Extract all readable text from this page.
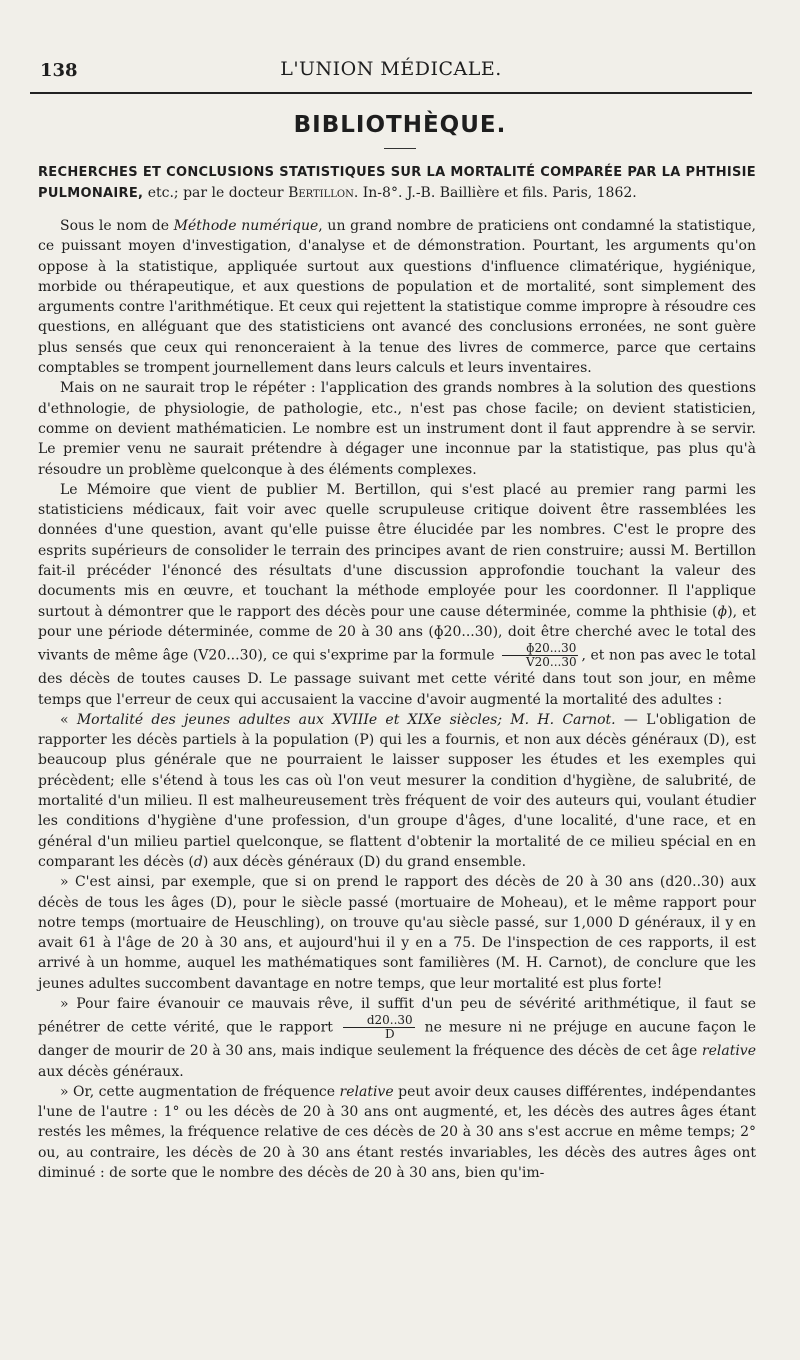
138	L'UNION MÉDICALE.
BIBLIOTHÈQUE.
RECHERCHES ET CONCLUSIONS STATISTIQUES SUR LA MORTALITÉ COMPARÉE PAR LA PHTHISIE PULMONAIRE, etc.; par le docteur Bertillon. In-8°. J.-B. Baillière et fils. Paris, 1862.

Sous le nom de Méthode numérique, un grand nombre de praticiens ont condamné la statistique, ce puissant moyen d'investigation, d'analyse et de démonstration. Pourtant, les arguments qu'on oppose à la statistique, appliquée surtout aux questions d'influence climatérique, hygiénique, morbide ou thérapeutique, et aux questions de population et de mortalité, sont simplement des arguments contre l'arithmétique. Et ceux qui rejettent la statistique comme impropre à résoudre ces questions, en alléguant que des statisticiens ont avancé des conclusions erronées, ne sont guère plus sensés que ceux qui renonceraient à la tenue des livres de commerce, parce que certains comptables se trompent journellement dans leurs calculs et leurs inventaires.

Mais on ne saurait trop le répéter : l'application des grands nombres à la solution des questions d'ethnologie, de physiologie, de pathologie, etc., n'est pas chose facile; on devient statisticien, comme on devient mathématicien. Le nombre est un instrument dont il faut apprendre à se servir. Le premier venu ne saurait prétendre à dégager une inconnue par la statistique, pas plus qu'à résoudre un problème quelconque à des éléments complexes.

Le Mémoire que vient de publier M. Bertillon, qui s'est placé au premier rang parmi les statisticiens médicaux, fait voir avec quelle scrupuleuse critique doivent être rassemblées les données d'une question, avant qu'elle puisse être élucidée par les nombres. C'est le propre des esprits supérieurs de consolider le terrain des principes avant de rien construire; aussi M. Bertillon fait-il précéder l'énoncé des résultats d'une discussion approfondie touchant la valeur des documents mis en œuvre, et touchant la méthode employée pour les coordonner. Il l'applique surtout à démontrer que le rapport des décès pour une cause déterminée, comme la phthisie (ɸ), et pour une période déterminée, comme de 20 à 30 ans (ɸ20...30), doit être cherché avec le total des vivants de même âge (V20...30), ce qui s'exprime par la formule $\frac{\text{ɸ20...30}}{V20...30}$ , et non pas avec le total des décès de toutes causes D. Le passage suivant met cette vérité dans tout son jour, en même temps que l'erreur de ceux qui accusaient la vaccine d'avoir augmenté la mortalité des adultes :

« Mortalité des jeunes adultes aux XVIIIe et XIXe siècles; M. H. Carnot. — L'obligation de rapporter les décès partiels à la population (P) qui les a fournis, et non aux décès généraux (D), est beaucoup plus générale que ne pourraient le laisser supposer les études et les exemples qui précèdent; elle s'étend à tous les cas où l'on veut mesurer la condition d'hygiène, de salubrité, de mortalité d'un milieu. Il est malheureusement très fréquent de voir des auteurs qui, voulant étudier les conditions d'hygiène d'une profession, d'un groupe d'âges, d'une localité, d'une race, et en général d'un milieu partiel quelconque, se flattent d'obtenir la mortalité de ce milieu spécial en en comparant les décès (d) aux décès généraux (D) du grand ensemble.

» C'est ainsi, par exemple, que si on prend le rapport des décès de 20 à 30 ans (d20..30) aux décès de tous les âges (D), pour le siècle passé (mortuaire de Moheau), et le même rapport pour notre temps (mortuaire de Heuschling), on trouve qu'au siècle passé, sur 1,000 D généraux, il y en avait 61 à l'âge de 20 à 30 ans, et aujourd'hui il y en a 75. De l'inspection de ces rapports, il est arrivé à un homme, auquel les mathématiques sont familières (M. H. Carnot), de conclure que les jeunes adultes succombent davantage en notre temps, que leur mortalité est plus forte!

» Pour faire évanouir ce mauvais rêve, il suffit d'un peu de sévérité arithmétique, il faut se pénétrer de cette vérité, que le rapport $\frac{d20..30}{D}$ ne mesure ni ne préjuge en aucune façon le danger de mourir de 20 à 30 ans, mais indique seulement la fréquence des décès de cet âge relative aux décès généraux.

» Or, cette augmentation de fréquence relative peut avoir deux causes différentes, indépendantes l'une de l'autre : 1° ou les décès de 20 à 30 ans ont augmenté, et, les décès des autres âges étant restés les mêmes, la fréquence relative de ces décès de 20 à 30 ans s'est accrue en même temps; 2° ou, au contraire, les décès de 20 à 30 ans étant restés invariables, les décès des autres âges ont diminué : de sorte que le nombre des décès de 20 à 30 ans, bien qu'im-
